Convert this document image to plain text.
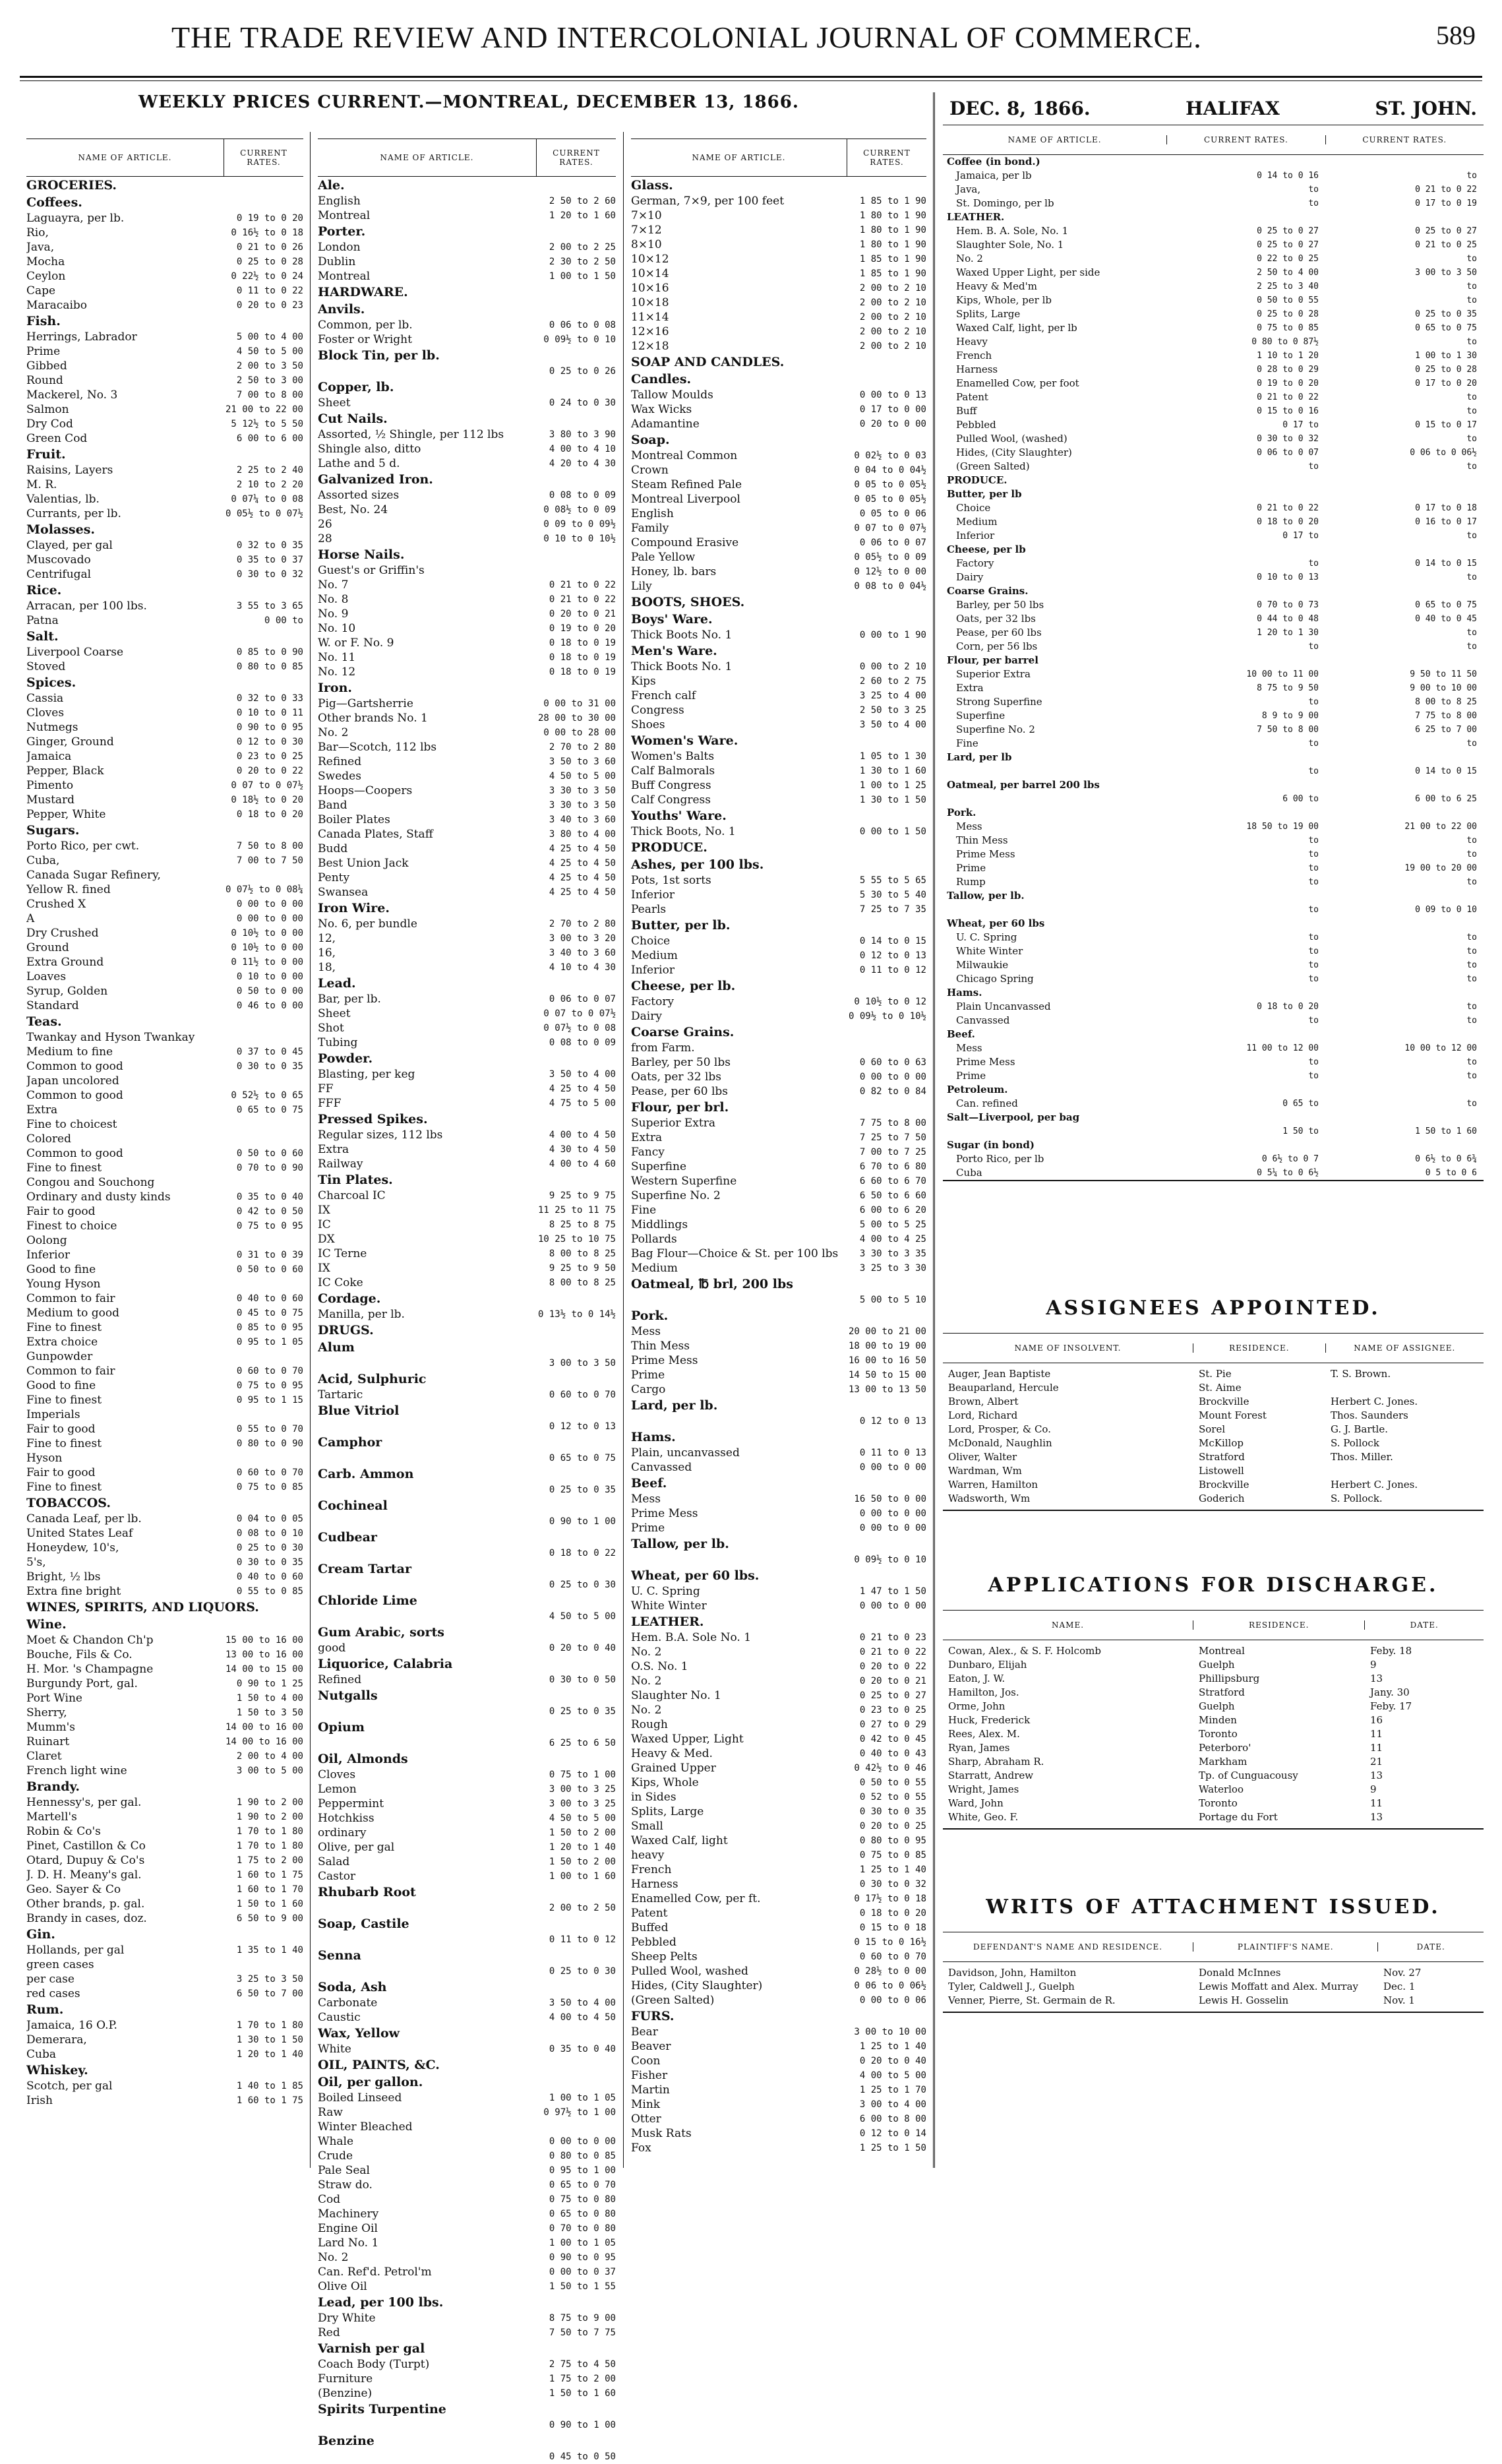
THE TRADE REVIEW AND INTERCOLONIAL JOURNAL OF COMMERCE.	589
WEEKLY PRICES CURRENT.—MONTREAL, DECEMBER 13, 1866.
NAME OF ARTICLE.	CURRENT RATES.
GROCERIES.
Coffees.
Laguayra, per lb.	0 19 to 0 20
Rio,	0 16½ to 0 18
Java,	0 21 to 0 26
Mocha	0 25 to 0 28
Ceylon	0 22½ to 0 24
Cape	0 11 to 0 22
Maracaibo	0 20 to 0 23
Fish.
Herrings, Labrador	5 00 to 4 00
Prime	4 50 to 5 00
Gibbed	2 00 to 3 50
Round	2 50 to 3 00
Mackerel, No. 3	7 00 to 8 00
Salmon	21 00 to 22 00
Dry Cod	5 12½ to 5 50
Green Cod	6 00 to 6 00
Fruit.
Raisins, Layers	2 25 to 2 40
M. R.	2 10 to 2 20
Valentias, lb.	0 07¼ to 0 08
Currants, per lb.	0 05½ to 0 07½
Molasses.
Clayed, per gal	0 32 to 0 35
Muscovado	0 35 to 0 37
Centrifugal	0 30 to 0 32
Rice.
Arracan, per 100 lbs.	3 55 to 3 65
Patna	0 00 to
Salt.
Liverpool Coarse	0 85 to 0 90
Stoved	0 80 to 0 85
Spices.
Cassia	0 32 to 0 33
Cloves	0 10 to 0 11
Nutmegs	0 90 to 0 95
Ginger, Ground	0 12 to 0 30
Jamaica	0 23 to 0 25
Pepper, Black	0 20 to 0 22
Pimento	0 07 to 0 07½
Mustard	0 18½ to 0 20
Pepper, White	0 18 to 0 20
Sugars.
Porto Rico, per cwt.	7 50 to 8 00
Cuba,	7 00 to 7 50
Canada Sugar Refinery,
Yellow R. fined	0 07½ to 0 08¼
Crushed X	0 00 to 0 00
A	0 00 to 0 00
Dry Crushed	0 10½ to 0 00
Ground	0 10½ to 0 00
Extra Ground	0 11½ to 0 00
Loaves	0 10 to 0 00
Syrup, Golden	0 50 to 0 00
Standard	0 46 to 0 00
Teas.
Twankay and Hyson Twankay
Medium to fine	0 37 to 0 45
Common to good	0 30 to 0 35
Japan uncolored
Common to good	0 52½ to 0 65
Extra	0 65 to 0 75
Fine to choicest
Colored
Common to good	0 50 to 0 60
Fine to finest	0 70 to 0 90
Congou and Souchong
Ordinary and dusty kinds	0 35 to 0 40
Fair to good	0 42 to 0 50
Finest to choice	0 75 to 0 95
Oolong
Inferior	0 31 to 0 39
Good to fine	0 50 to 0 60
Young Hyson
Common to fair	0 40 to 0 60
Medium to good	0 45 to 0 75
Fine to finest	0 85 to 0 95
Extra choice	0 95 to 1 05
Gunpowder
Common to fair	0 60 to 0 70
Good to fine	0 75 to 0 95
Fine to finest	0 95 to 1 15
Imperials
Fair to good	0 55 to 0 70
Fine to finest	0 80 to 0 90
Hyson
Fair to good	0 60 to 0 70
Fine to finest	0 75 to 0 85
TOBACCOS.
Canada Leaf, per lb.	0 04 to 0 05
United States Leaf	0 08 to 0 10
Honeydew, 10's,	0 25 to 0 30
5's,	0 30 to 0 35
Bright, ½ lbs	0 40 to 0 60
Extra fine bright	0 55 to 0 85
WINES, SPIRITS, AND LIQUORS.
Wine.
Moet & Chandon Ch'p	15 00 to 16 00
Bouche, Fils & Co.	13 00 to 16 00
H. Mor. 's Champagne	14 00 to 15 00
Burgundy Port, gal.	0 90 to 1 25
Port Wine	1 50 to 4 00
Sherry,	1 50 to 3 50
Mumm's	14 00 to 16 00
Ruinart	14 00 to 16 00
Claret	2 00 to 4 00
French light wine	3 00 to 5 00
Brandy.
Hennessy's, per gal.	1 90 to 2 00
Martell's	1 90 to 2 00
Robin & Co's	1 70 to 1 80
Pinet, Castillon & Co	1 70 to 1 80
Otard, Dupuy & Co's	1 75 to 2 00
J. D. H. Meany's gal.	1 60 to 1 75
Geo. Sayer & Co	1 60 to 1 70
Other brands, p. gal.	1 50 to 1 60
Brandy in cases, doz.	6 50 to 9 00
Gin.
Hollands, per gal	1 35 to 1 40
green cases
per case	3 25 to 3 50
red cases	6 50 to 7 00
Rum.
Jamaica, 16 O.P.	1 70 to 1 80
Demerara,	1 30 to 1 50
Cuba	1 20 to 1 40
Whiskey.
Scotch, per gal	1 40 to 1 85
Irish	1 60 to 1 75
NAME OF ARTICLE.	CURRENT RATES.
Ale.
English	2 50 to 2 60
Montreal	1 20 to 1 60
Porter.
London	2 00 to 2 25
Dublin	2 30 to 2 50
Montreal	1 00 to 1 50
HARDWARE.
Anvils.
Common, per lb.	0 06 to 0 08
Foster or Wright	0 09½ to 0 10
Block Tin, per lb.
0 25 to 0 26
Copper, lb.
Sheet	0 24 to 0 30
Cut Nails.
Assorted, ½ Shingle, per 112 lbs	3 80 to 3 90
Shingle also, ditto	4 00 to 4 10
Lathe and 5 d.	4 20 to 4 30
Galvanized Iron.
Assorted sizes	0 08 to 0 09
Best, No. 24	0 08½ to 0 09
26	0 09 to 0 09½
28	0 10 to 0 10½
Horse Nails.
Guest's or Griffin's
No. 7	0 21 to 0 22
No. 8	0 21 to 0 22
No. 9	0 20 to 0 21
No. 10	0 19 to 0 20
W. or F. No. 9	0 18 to 0 19
No. 11	0 18 to 0 19
No. 12	0 18 to 0 19
Iron.
Pig—Gartsherrie	0 00 to 31 00
Other brands No. 1	28 00 to 30 00
No. 2	0 00 to 28 00
Bar—Scotch, 112 lbs	2 70 to 2 80
Refined	3 50 to 3 60
Swedes	4 50 to 5 00
Hoops—Coopers	3 30 to 3 50
Band	3 30 to 3 50
Boiler Plates	3 40 to 3 60
Canada Plates, Staff	3 80 to 4 00
Budd	4 25 to 4 50
Best Union Jack	4 25 to 4 50
Penty	4 25 to 4 50
Swansea	4 25 to 4 50
Iron Wire.
No. 6, per bundle	2 70 to 2 80
12,	3 00 to 3 20
16,	3 40 to 3 60
18,	4 10 to 4 30
Lead.
Bar, per lb.	0 06 to 0 07
Sheet	0 07 to 0 07½
Shot	0 07½ to 0 08
Tubing	0 08 to 0 09
Powder.
Blasting, per keg	3 50 to 4 00
FF	4 25 to 4 50
FFF	4 75 to 5 00
Pressed Spikes.
Regular sizes, 112 lbs	4 00 to 4 50
Extra	4 30 to 4 50
Railway	4 00 to 4 60
Tin Plates.
Charcoal IC	9 25 to 9 75
IX	11 25 to 11 75
IC	8 25 to 8 75
DX	10 25 to 10 75
IC Terne	8 00 to 8 25
IX	9 25 to 9 50
IC Coke	8 00 to 8 25
Cordage.
Manilla, per lb.	0 13½ to 0 14½
DRUGS.
Alum
3 00 to 3 50
Acid, Sulphuric
Tartaric	0 60 to 0 70
Blue Vitriol
0 12 to 0 13
Camphor
0 65 to 0 75
Carb. Ammon
0 25 to 0 35
Cochineal
0 90 to 1 00
Cudbear
0 18 to 0 22
Cream Tartar
0 25 to 0 30
Chloride Lime
4 50 to 5 00
Gum Arabic, sorts
good	0 20 to 0 40
Liquorice, Calabria
Refined	0 30 to 0 50
Nutgalls
0 25 to 0 35
Opium
6 25 to 6 50
Oil, Almonds
Cloves	0 75 to 1 00
Lemon	3 00 to 3 25
Peppermint	3 00 to 3 25
Hotchkiss	4 50 to 5 00
ordinary	1 50 to 2 00
Olive, per gal	1 20 to 1 40
Salad	1 50 to 2 00
Castor	1 00 to 1 60
Rhubarb Root
2 00 to 2 50
Soap, Castile
0 11 to 0 12
Senna
0 25 to 0 30
Soda, Ash
Carbonate	3 50 to 4 00
Caustic	4 00 to 4 50
Wax, Yellow
White	0 35 to 0 40
OIL, PAINTS, &C.
Oil, per gallon.
Boiled Linseed	1 00 to 1 05
Raw	0 97½ to 1 00
Winter Bleached
Whale	0 00 to 0 00
Crude	0 80 to 0 85
Pale Seal	0 95 to 1 00
Straw do.	0 65 to 0 70
Cod	0 75 to 0 80
Machinery	0 65 to 0 80
Engine Oil	0 70 to 0 80
Lard No. 1	1 00 to 1 05
No. 2	0 90 to 0 95
Can. Ref'd. Petrol'm	0 00 to 0 37
Olive Oil	1 50 to 1 55
Lead, per 100 lbs.
Dry White	8 75 to 9 00
Red	7 50 to 7 75
Varnish per gal
Coach Body (Turpt)	2 75 to 4 50
Furniture	1 75 to 2 00
(Benzine)	1 50 to 1 60
Spirits Turpentine
0 90 to 1 00
Benzine
0 45 to 0 50
NAME OF ARTICLE.	CURRENT RATES.
Glass.
German, 7×9, per 100 feet	1 85 to 1 90
7×10	1 80 to 1 90
7×12	1 80 to 1 90
8×10	1 80 to 1 90
10×12	1 85 to 1 90
10×14	1 85 to 1 90
10×16	2 00 to 2 10
10×18	2 00 to 2 10
11×14	2 00 to 2 10
12×16	2 00 to 2 10
12×18	2 00 to 2 10
SOAP AND CANDLES.
Candles.
Tallow Moulds	0 00 to 0 13
Wax Wicks	0 17 to 0 00
Adamantine	0 20 to 0 00
Soap.
Montreal Common	0 02½ to 0 03
Crown	0 04 to 0 04½
Steam Refined Pale	0 05 to 0 05½
Montreal Liverpool	0 05 to 0 05½
English	0 05 to 0 06
Family	0 07 to 0 07½
Compound Erasive	0 06 to 0 07
Pale Yellow	0 05½ to 0 09
Honey, lb. bars	0 12½ to 0 00
Lily	0 08 to 0 04½
BOOTS, SHOES.
Boys' Ware.
Thick Boots No. 1	0 00 to 1 90
Men's Ware.
Thick Boots No. 1	0 00 to 2 10
Kips	2 60 to 2 75
French calf	3 25 to 4 00
Congress	2 50 to 3 25
Shoes	3 50 to 4 00
Women's Ware.
Women's Balts	1 05 to 1 30
Calf Balmorals	1 30 to 1 60
Buff Congress	1 00 to 1 25
Calf Congress	1 30 to 1 50
Youths' Ware.
Thick Boots, No. 1	0 00 to 1 50
PRODUCE.
Ashes, per 100 lbs.
Pots, 1st sorts	5 55 to 5 65
Inferior	5 30 to 5 40
Pearls	7 25 to 7 35
Butter, per lb.
Choice	0 14 to 0 15
Medium	0 12 to 0 13
Inferior	0 11 to 0 12
Cheese, per lb.
Factory	0 10½ to 0 12
Dairy	0 09½ to 0 10½
Coarse Grains.
from Farm.
Barley, per 50 lbs	0 60 to 0 63
Oats, per 32 lbs	0 00 to 0 00
Pease, per 60 lbs	0 82 to 0 84
Flour, per brl.
Superior Extra	7 75 to 8 00
Extra	7 25 to 7 50
Fancy	7 00 to 7 25
Superfine	6 70 to 6 80
Western Superfine	6 60 to 6 70
Superfine No. 2	6 50 to 6 60
Fine	6 00 to 6 20
Middlings	5 00 to 5 25
Pollards	4 00 to 4 25
Bag Flour—Choice & St. per 100 lbs	3 30 to 3 35
Medium	3 25 to 3 30
Oatmeal, ℔ brl, 200 lbs
5 00 to 5 10
Pork.
Mess	20 00 to 21 00
Thin Mess	18 00 to 19 00
Prime Mess	16 00 to 16 50
Prime	14 50 to 15 00
Cargo	13 00 to 13 50
Lard, per lb.
0 12 to 0 13
Hams.
Plain, uncanvassed	0 11 to 0 13
Canvassed	0 00 to 0 00
Beef.
Mess	16 50 to 0 00
Prime Mess	0 00 to 0 00
Prime	0 00 to 0 00
Tallow, per lb.
0 09½ to 0 10
Wheat, per 60 lbs.
U. C. Spring	1 47 to 1 50
White Winter	0 00 to 0 00
LEATHER.
Hem. B.A. Sole No. 1	0 21 to 0 23
No. 2	0 21 to 0 22
O.S. No. 1	0 20 to 0 22
No. 2	0 20 to 0 21
Slaughter No. 1	0 25 to 0 27
No. 2	0 23 to 0 25
Rough	0 27 to 0 29
Waxed Upper, Light	0 42 to 0 45
Heavy & Med.	0 40 to 0 43
Grained Upper	0 42½ to 0 46
Kips, Whole	0 50 to 0 55
in Sides	0 52 to 0 55
Splits, Large	0 30 to 0 35
Small	0 20 to 0 25
Waxed Calf, light	0 80 to 0 95
heavy	0 75 to 0 85
French	1 25 to 1 40
Harness	0 30 to 0 32
Enamelled Cow, per ft.	0 17½ to 0 18
Patent	0 18 to 0 20
Buffed	0 15 to 0 18
Pebbled	0 15 to 0 16½
Sheep Pelts	0 60 to 0 70
Pulled Wool, washed	0 28½ to 0 00
Hides, (City Slaughter)	0 06 to 0 06½
(Green Salted)	0 00 to 0 06
FURS.
Bear	3 00 to 10 00
Beaver	1 25 to 1 40
Coon	0 20 to 0 40
Fisher	4 00 to 5 00
Martin	1 25 to 1 70
Mink	3 00 to 4 00
Otter	6 00 to 8 00
Musk Rats	0 12 to 0 14
Fox	1 25 to 1 50
DEC. 8, 1866.	HALIFAX	ST. JOHN.
NAME OF ARTICLE.	CURRENT RATES.	CURRENT RATES.
Coffee (in bond.)
Jamaica, per lb	0 14 to 0 16	to
Java,	to	0 21 to 0 22
St. Domingo, per lb	to	0 17 to 0 19
LEATHER.
Hem. B. A. Sole, No. 1	0 25 to 0 27	0 25 to 0 27
Slaughter Sole, No. 1	0 25 to 0 27	0 21 to 0 25
No. 2	0 22 to 0 25	to
Waxed Upper Light, per side	2 50 to 4 00	3 00 to 3 50
Heavy & Med'm	2 25 to 3 40	to
Kips, Whole, per lb	0 50 to 0 55	to
Splits, Large	0 25 to 0 28	0 25 to 0 35
Waxed Calf, light, per lb	0 75 to 0 85	0 65 to 0 75
Heavy	0 80 to 0 87½	to
French	1 10 to 1 20	1 00 to 1 30
Harness	0 28 to 0 29	0 25 to 0 28
Enamelled Cow, per foot	0 19 to 0 20	0 17 to 0 20
Patent	0 21 to 0 22	to
Buff	0 15 to 0 16	to
Pebbled	0 17 to	0 15 to 0 17
Pulled Wool, (washed)	0 30 to 0 32	to
Hides, (City Slaughter)	0 06 to 0 07	0 06 to 0 06½
(Green Salted)	to	to
PRODUCE.
Butter, per lb
Choice	0 21 to 0 22	0 17 to 0 18
Medium	0 18 to 0 20	0 16 to 0 17
Inferior	0 17 to	to
Cheese, per lb
Factory	to	0 14 to 0 15
Dairy	0 10 to 0 13	to
Coarse Grains.
Barley, per 50 lbs	0 70 to 0 73	0 65 to 0 75
Oats, per 32 lbs	0 44 to 0 48	0 40 to 0 45
Pease, per 60 lbs	1 20 to 1 30	to
Corn, per 56 lbs	to	to
Flour, per barrel
Superior Extra	10 00 to 11 00	9 50 to 11 50
Extra	8 75 to 9 50	9 00 to 10 00
Strong Superfine	to	8 00 to 8 25
Superfine	8 9 to 9 00	7 75 to 8 00
Superfine No. 2	7 50 to 8 00	6 25 to 7 00
Fine	to	to
Lard, per lb
to	0 14 to 0 15
Oatmeal, per barrel 200 lbs
6 00 to	6 00 to 6 25
Pork.
Mess	18 50 to 19 00	21 00 to 22 00
Thin Mess	to	to
Prime Mess	to	to
Prime	to	19 00 to 20 00
Rump	to	to
Tallow, per lb.
to	0 09 to 0 10
Wheat, per 60 lbs
U. C. Spring	to	to
White Winter	to	to
Milwaukie	to	to
Chicago Spring	to	to
Hams.
Plain Uncanvassed	0 18 to 0 20	to
Canvassed	to	to
Beef.
Mess	11 00 to 12 00	10 00 to 12 00
Prime Mess	to	to
Prime	to	to
Petroleum.
Can. refined	0 65 to	to
Salt—Liverpool, per bag
1 50 to	1 50 to 1 60
Sugar (in bond)
Porto Rico, per lb	0 6½ to 0 7	0 6½ to 0 6¾
Cuba	0 5¼ to 0 6½	0 5 to 0 6
ASSIGNEES APPOINTED.
NAME OF INSOLVENT.	RESIDENCE.	NAME OF ASSIGNEE.
Auger, Jean Baptiste	St. Pie	T. S. Brown.
Beauparland, Hercule	St. Aime
Brown, Albert	Brockville	Herbert C. Jones.
Lord, Richard	Mount Forest	Thos. Saunders
Lord, Prosper, & Co.	Sorel	G. J. Bartle.
McDonald, Naughlin	McKillop	S. Pollock
Oliver, Walter	Stratford	Thos. Miller.
Wardman, Wm	Listowell
Warren, Hamilton	Brockville	Herbert C. Jones.
Wadsworth, Wm	Goderich	S. Pollock.
APPLICATIONS FOR DISCHARGE.
NAME.	RESIDENCE.	DATE.
Cowan, Alex., & S. F. Holcomb	Montreal	Feby. 18
Dunbaro, Elijah	Guelph	9
Eaton, J. W.	Phillipsburg	13
Hamilton, Jos.	Stratford	Jany. 30
Orme, John	Guelph	Feby. 17
Huck, Frederick	Minden	16
Rees, Alex. M.	Toronto	11
Ryan, James	Peterboro'	11
Sharp, Abraham R.	Markham	21
Starratt, Andrew	Tp. of Cunguacousy	13
Wright, James	Waterloo	9
Ward, John	Toronto	11
White, Geo. F.	Portage du Fort	13
WRITS OF ATTACHMENT ISSUED.
DEFENDANT'S NAME AND RESIDENCE.	PLAINTIFF'S NAME.	DATE.
Davidson, John, Hamilton	Donald McInnes	Nov. 27
Tyler, Caldwell J., Guelph	Lewis Moffatt and Alex. Murray	Dec. 1
Venner, Pierre, St. Germain de R.	Lewis H. Gosselin	Nov. 1
